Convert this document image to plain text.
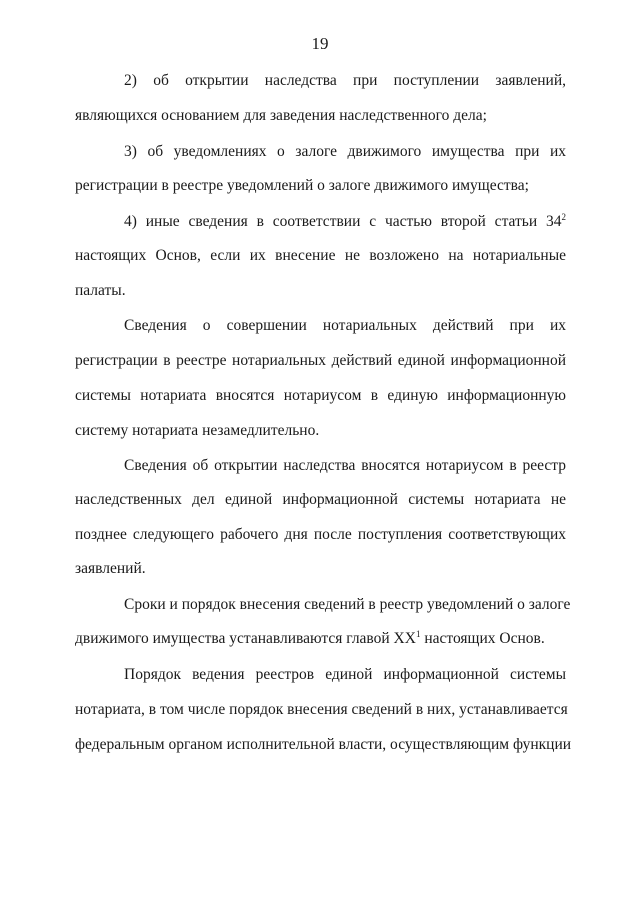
19
2)   об   открытии   наследства   при   поступлении   заявлений,
являющихся основанием для заведения наследственного дела;
3) об уведомлениях о залоге движимого имущества при их
регистрации в реестре уведомлений о залоге движимого имущества;
4) иные сведения в соответствии с частью второй статьи $34^2$
настоящих Основ, если их внесение не возложено на нотариальные
палаты.
Сведения о совершении нотариальных действий при их
регистрации в реестре нотариальных действий единой информационной
системы нотариата вносятся нотариусом в единую информационную
систему нотариата незамедлительно.
Сведения об открытии наследства вносятся нотариусом в реестр
наследственных дел единой информационной системы нотариата не
позднее следующего рабочего дня после поступления соответствующих
заявлений.
Сроки и порядок внесения сведений в реестр уведомлений о залоге
движимого имущества устанавливаются главой $XX^1$ настоящих Основ.
Порядок ведения реестров единой информационной системы
нотариата, в том числе порядок внесения сведений в них, устанавливается
федеральным органом исполнительной власти, осуществляющим функции
